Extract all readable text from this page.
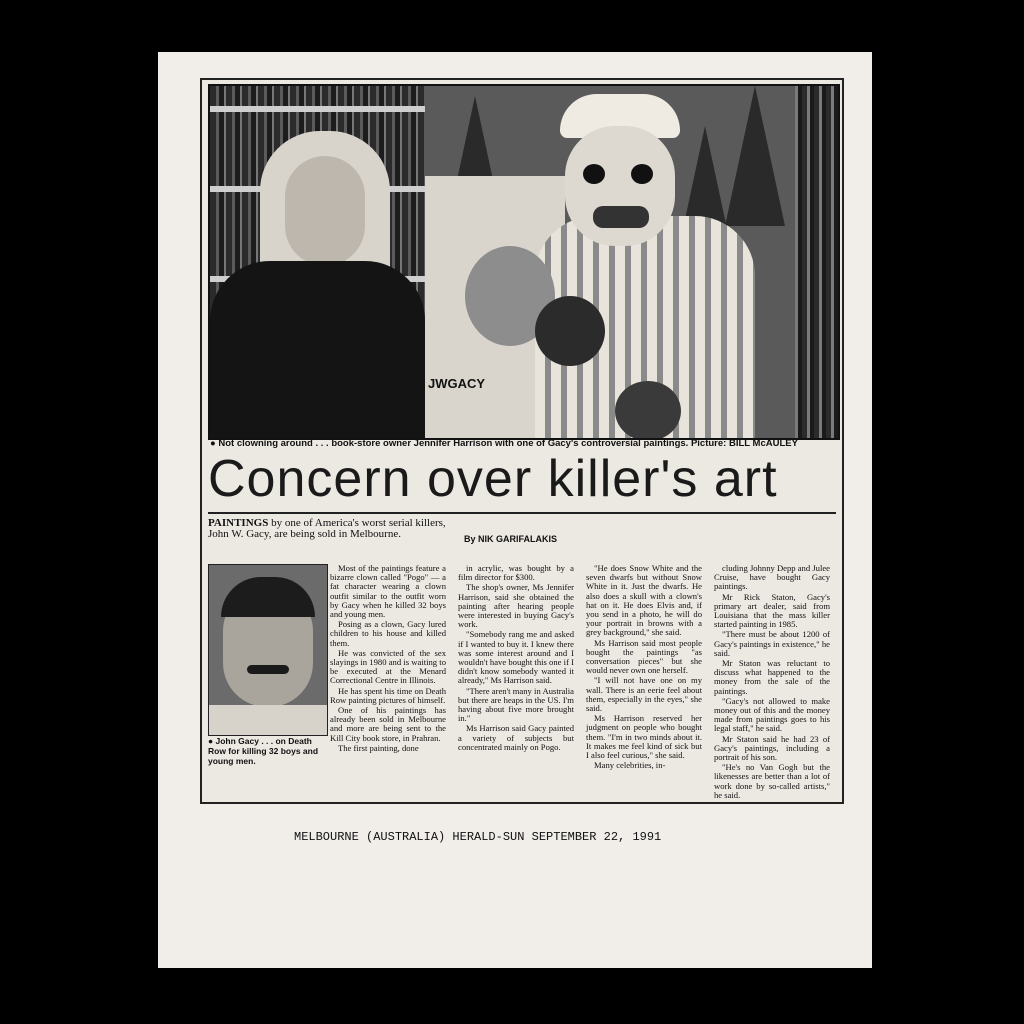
JWGACY
● Not clowning around . . . book-store owner Jennifer Harrison with one of Gacy's controversial paintings. Picture: BILL McAULEY
Concern over killer's art
PAINTINGS by one of America's worst serial killers, John W. Gacy, are being sold in Melbourne.	By NIK GARIFALAKIS
● John Gacy . . . on Death Row for killing 32 boys and young men.

Most of the paintings feature a bizarre clown called "Pogo" — a fat character wearing a clown outfit similar to the outfit worn by Gacy when he killed 32 boys and young men.

Posing as a clown, Gacy lured children to his house and killed them.

He was convicted of the sex slayings in 1980 and is waiting to be executed at the Menard Correctional Centre in Illinois.

He has spent his time on Death Row painting pictures of himself.

One of his paintings has already been sold in Melbourne and more are being sent to the Kill City book store, in Prahran.

The first painting, done

in acrylic, was bought by a film director for $300.

The shop's owner, Ms Jennifer Harrison, said she obtained the painting after hearing people were interested in buying Gacy's work.

"Somebody rang me and asked if I wanted to buy it. I knew there was some interest around and I wouldn't have bought this one if I didn't know somebody wanted it already," Ms Harrison said.

"There aren't many in Australia but there are heaps in the US. I'm having about five more brought in."

Ms Harrison said Gacy painted a variety of subjects but concentrated mainly on Pogo.

"He does Snow White and the seven dwarfs but without Snow White in it. Just the dwarfs. He also does a skull with a clown's hat on it. He does Elvis and, if you send in a photo, he will do your portrait in browns with a grey background," she said.

Ms Harrison said most people bought the paintings "as conversation pieces" but she would never own one herself.

"I will not have one on my wall. There is an eerie feel about them, especially in the eyes," she said.

Ms Harrison reserved her judgment on people who bought them. "I'm in two minds about it. It makes me feel kind of sick but I also feel curious," she said.

Many celebrities, in-

cluding Johnny Depp and Julee Cruise, have bought Gacy paintings.

Mr Rick Staton, Gacy's primary art dealer, said from Louisiana that the mass killer started painting in 1985.

"There must be about 1200 of Gacy's paintings in existence," he said.

Mr Staton was reluctant to discuss what happened to the money from the sale of the paintings.

"Gacy's not allowed to make money out of this and the money made from paintings goes to his legal staff," he said.

Mr Staton said he had 23 of Gacy's paintings, including a portrait of his son.

"He's no Van Gogh but the likenesses are better than a lot of work done by so-called artists," he said.

MELBOURNE (AUSTRALIA) HERALD-SUN SEPTEMBER 22, 1991
